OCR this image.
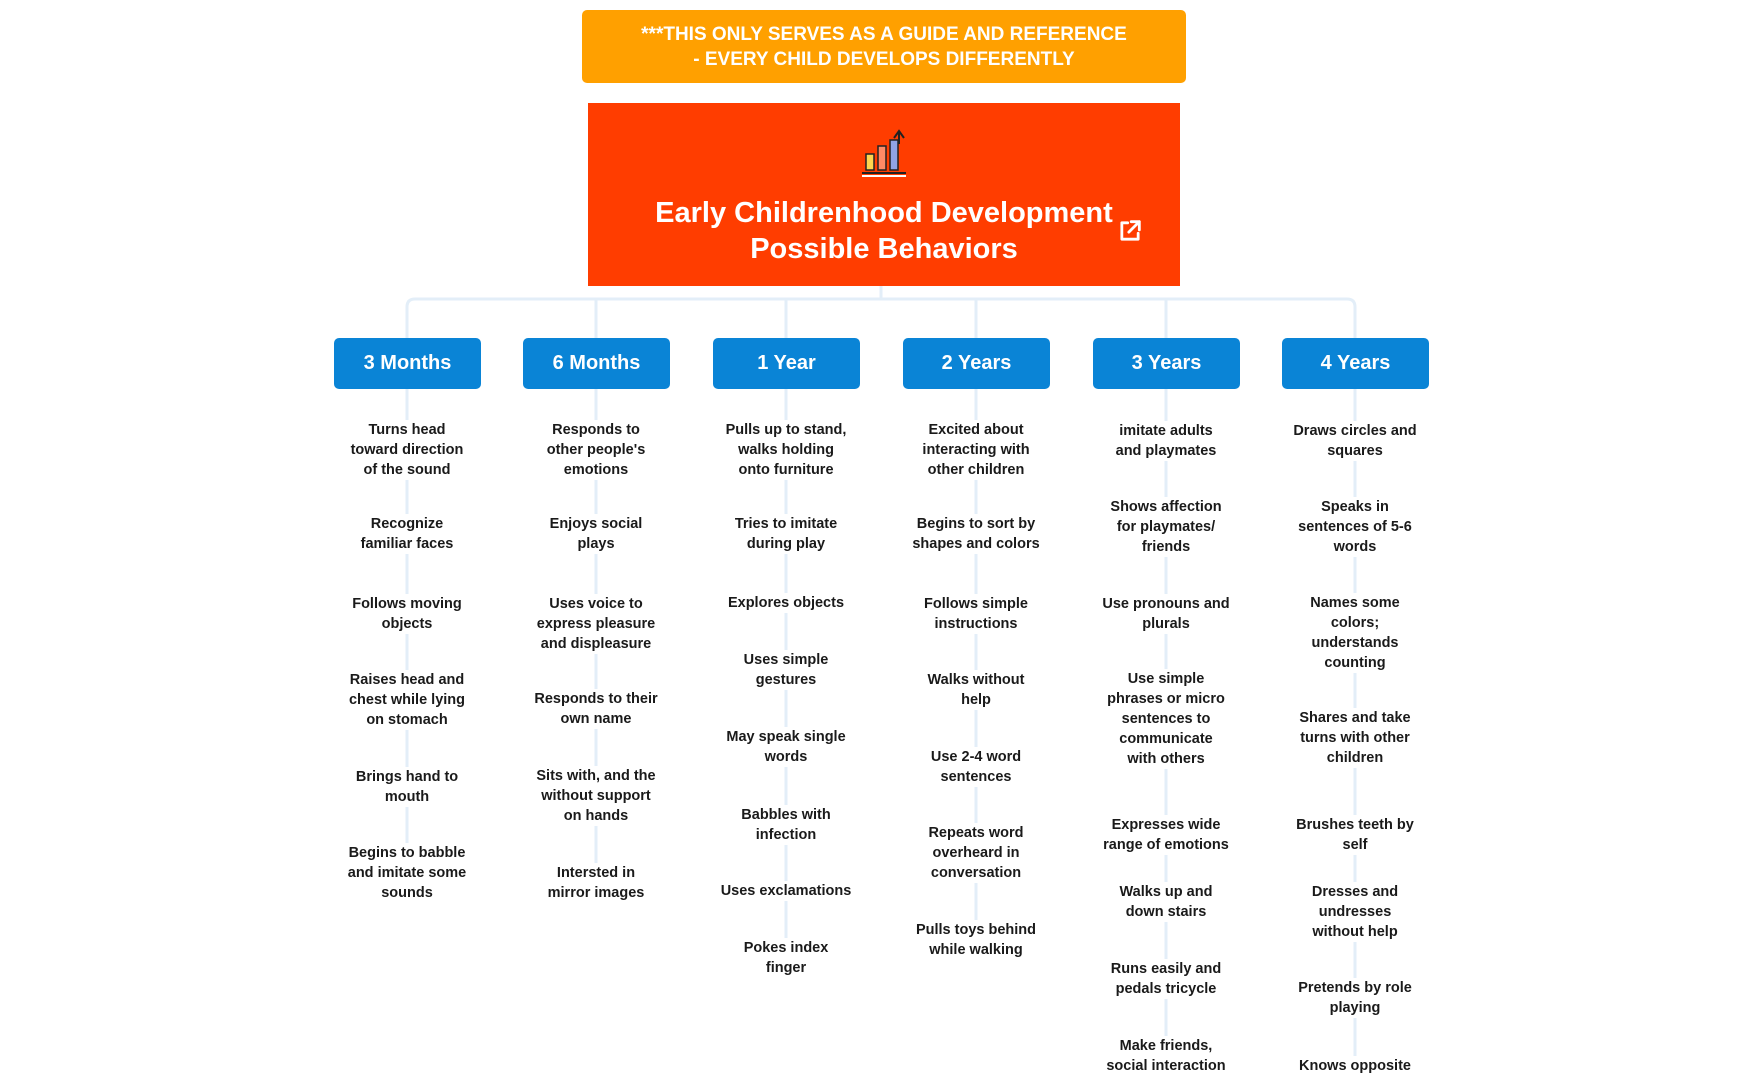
***THIS ONLY SERVES AS A GUIDE AND REFERENCE
- EVERY CHILD DEVELOPS DIFFERENTLY
Early Childrenhood Development
Possible Behaviors
3 Months
Turns head
toward direction
of the sound
Recognize
familiar faces
Follows moving
objects
Raises head and
chest while lying
on stomach
Brings hand to
mouth
Begins to babble
and imitate some
sounds
6 Months
Responds to
other people's
emotions
Enjoys social
plays
Uses voice to
express pleasure
and displeasure
Responds to their
own name
Sits with, and the
without support
on hands
Intersted in
mirror images
1 Year
Pulls up to stand,
walks holding
onto furniture
Tries to imitate
during play
Explores objects
Uses simple
gestures
May speak single
words
Babbles with
infection
Uses exclamations
Pokes index
finger
2 Years
Excited about
interacting with
other children
Begins to sort by
shapes and colors
Follows simple
instructions
Walks without
help
Use 2-4 word
sentences
Repeats word
overheard in
conversation
Pulls toys behind
while walking
3 Years
imitate adults
and playmates
Shows affection
for playmates/
friends
Use pronouns and
plurals
Use simple
phrases or micro
sentences to
communicate
with others
Expresses wide
range of emotions
Walks up and
down stairs
Runs easily and
pedals tricycle
Make friends,
social interaction
4 Years
Draws circles and
squares
Speaks in
sentences of 5-6
words
Names some
colors;
understands
counting
Shares and take
turns with other
children
Brushes teeth by
self
Dresses and
undresses
without help
Pretends by role
playing
Knows opposite
